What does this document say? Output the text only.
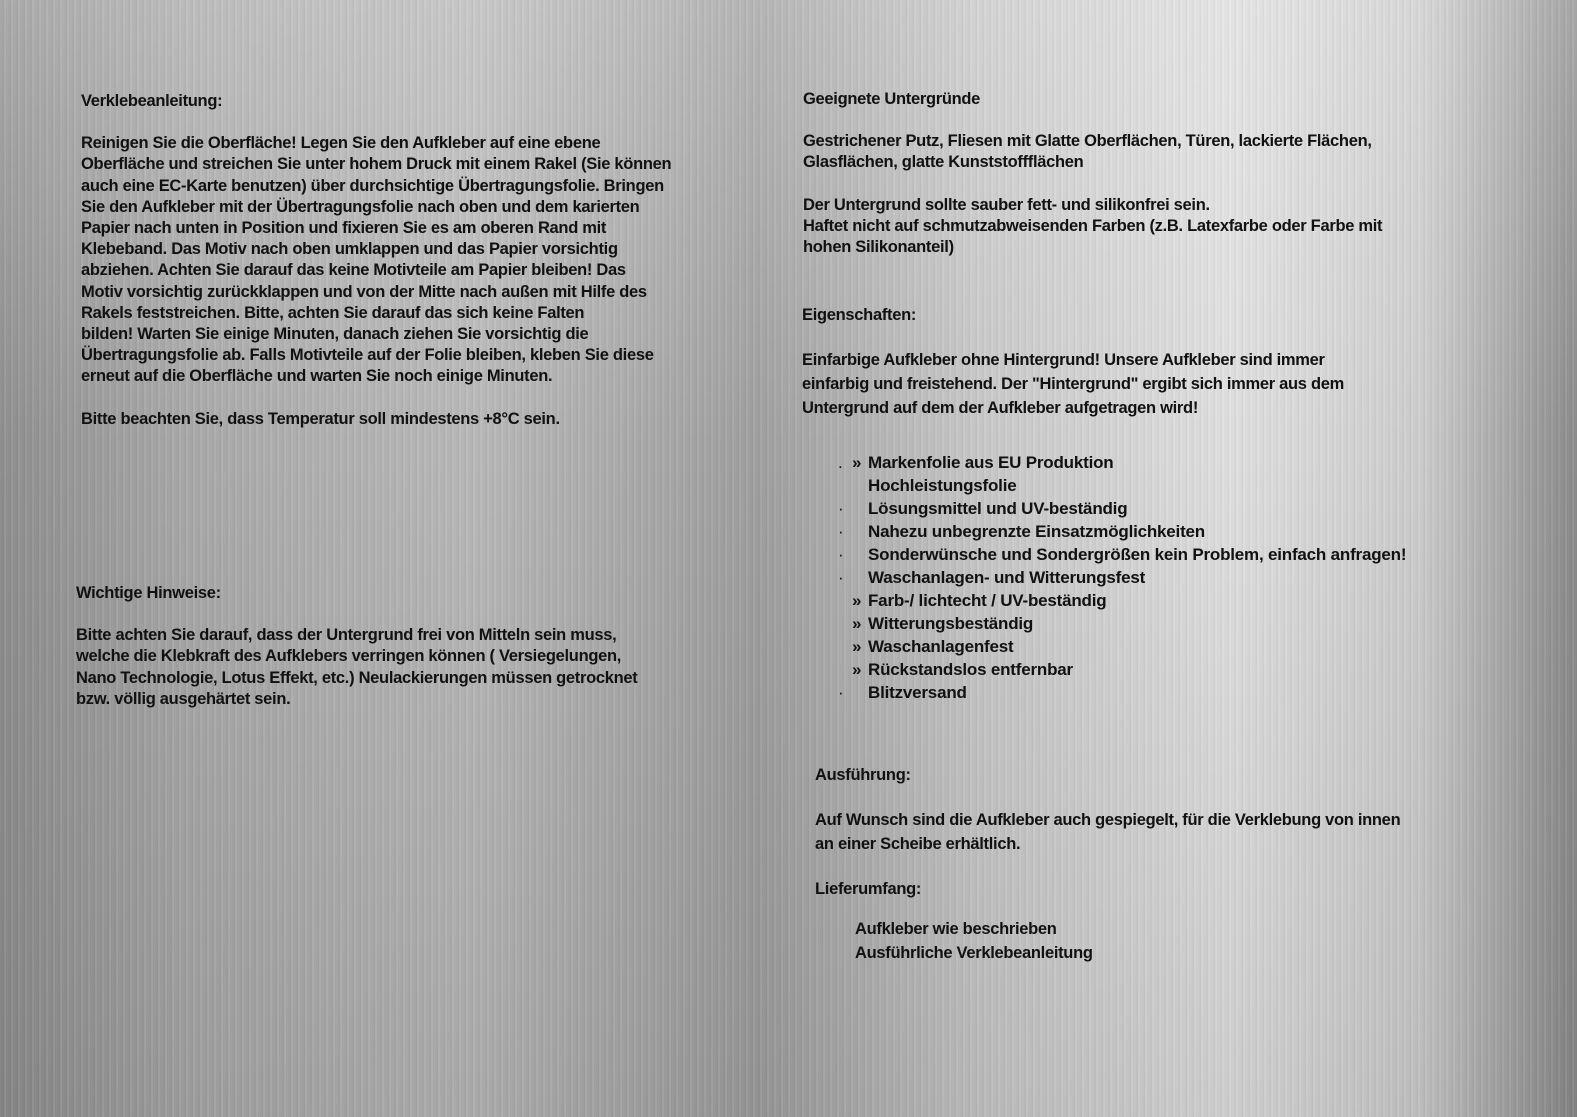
Verklebeanleitung:
Reinigen Sie die Oberfläche! Legen Sie den Aufkleber auf eine ebene
Oberfläche und streichen Sie unter hohem Druck mit einem Rakel (Sie können
auch eine EC-Karte benutzen) über durchsichtige Übertragungsfolie. Bringen
Sie den Aufkleber mit der Übertragungsfolie nach oben und dem karierten
Papier nach unten in Position und fixieren Sie es am oberen Rand mit
Klebeband. Das Motiv nach oben umklappen und das Papier vorsichtig
abziehen. Achten Sie darauf das keine Motivteile am Papier bleiben! Das
Motiv vorsichtig zurückklappen und von der Mitte nach außen mit Hilfe des
Rakels feststreichen. Bitte, achten Sie darauf das sich keine Falten
bilden! Warten Sie einige Minuten, danach ziehen Sie vorsichtig die
Übertragungsfolie ab. Falls Motivteile auf der Folie bleiben, kleben Sie diese
erneut auf die Oberfläche und warten Sie noch einige Minuten.
Bitte beachten Sie, dass Temperatur soll mindestens +8°C sein.
Wichtige Hinweise:
Bitte achten Sie darauf, dass der Untergrund frei von Mitteln sein muss,
welche die Klebkraft des Aufklebers verringen können ( Versiegelungen,
Nano Technologie, Lotus Effekt, etc.) Neulackierungen müssen getrocknet
bzw. völlig ausgehärtet sein.
Geeignete Untergründe
Gestrichener Putz, Fliesen mit Glatte Oberflächen, Türen, lackierte Flächen,
Glasflächen, glatte Kunststoffflächen
Der Untergrund sollte sauber fett- und silikonfrei sein.
Haftet nicht auf schmutzabweisenden Farben (z.B. Latexfarbe oder Farbe mit
hohen Silikonanteil)
Eigenschaften:
Einfarbige Aufkleber ohne Hintergrund! Unsere Aufkleber sind immer
einfarbig und freistehend. Der "Hintergrund" ergibt sich immer aus dem
Untergrund auf dem der Aufkleber aufgetragen wird!
. » Markenfolie aus EU Produktion
Hochleistungsfolie
· Lösungsmittel und UV-beständig
· Nahezu unbegrenzte Einsatzmöglichkeiten
· Sonderwünsche und Sondergrößen kein Problem, einfach anfragen!
· Waschanlagen- und Witterungsfest
» Farb-/ lichtecht / UV-beständig
» Witterungsbeständig
» Waschanlagenfest
» Rückstandslos entfernbar
· Blitzversand
Ausführung:
Auf Wunsch sind die Aufkleber auch gespiegelt, für die Verklebung von innen
an einer Scheibe erhältlich.
Lieferumfang:
Aufkleber wie beschrieben
Ausführliche Verklebeanleitung
